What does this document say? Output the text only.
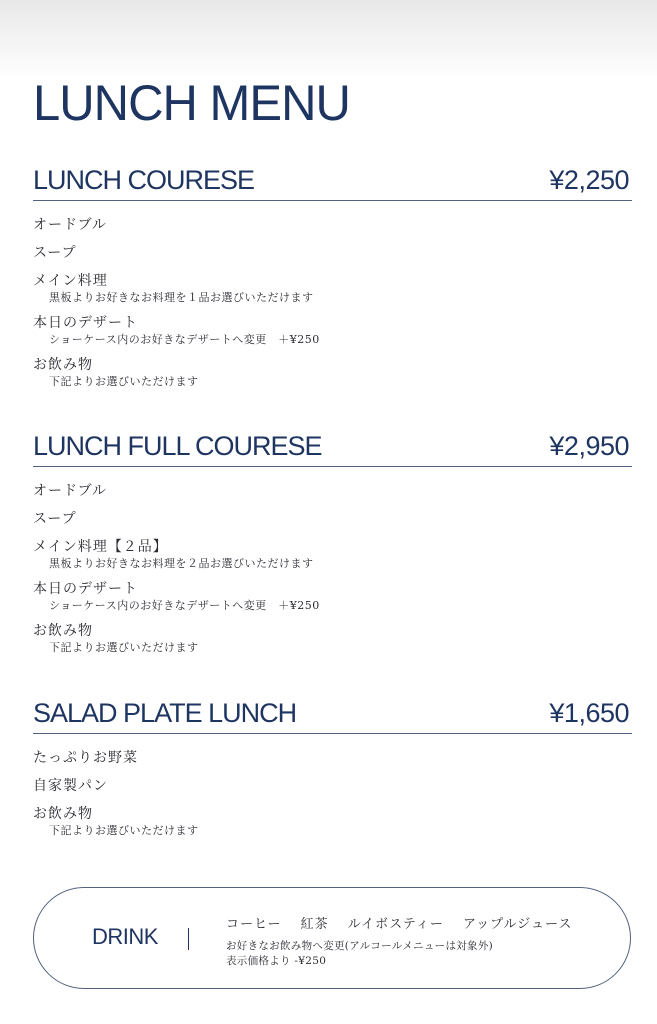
LUNCH MENU
LUNCH COURESE	¥2,250
オードブル
スープ
メイン料理
黒板よりお好きなお料理を１品お選びいただけます
本日のデザート
ショーケース内のお好きなデザートへ変更　＋¥250
お飲み物
下記よりお選びいただけます
LUNCH FULL COURESE	¥2,950
オードブル
スープ
メイン料理【２品】
黒板よりお好きなお料理を２品お選びいただけます
本日のデザート
ショーケース内のお好きなデザートへ変更　＋¥250
お飲み物
下記よりお選びいただけます
SALAD PLATE LUNCH	¥1,650
たっぷりお野菜
自家製パン
お飲み物
下記よりお選びいただけます
DRINK	コーヒー 紅茶 ルイボスティー アップルジュース
お好きなお飲み物へ変更(アルコールメニューは対象外)
表示価格より -¥250
